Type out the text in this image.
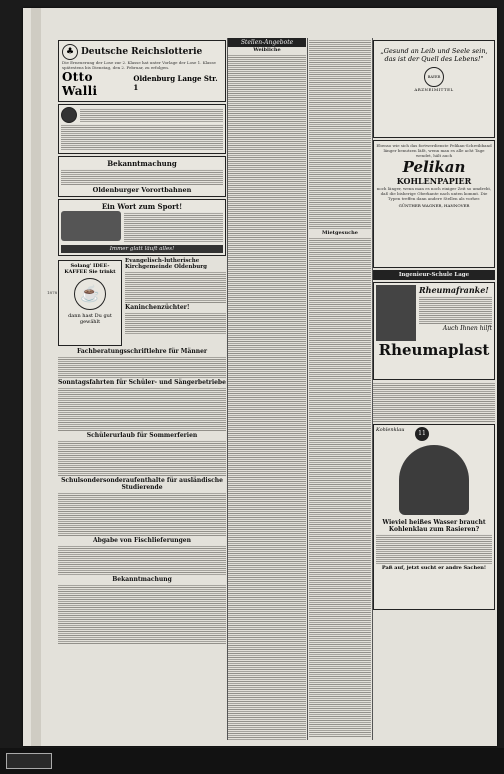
♣ Deutsche Reichslotterie
Die Erneuerung der Lose zur 2. Klasse hat unter Vorlage der Lose 1. Klasse spätestens bis Dienstag, den 2. Februar, zu erfolgen.
Otto Walli
Oldenburg Lange Str. 1
Bekanntmachung
Oldenburger Vorortbahnen
Ein Wort zum Sport!
Immer glatt läuft alles!
Solang' IDEE-KAFFEE Sie trinkt
☕
dann hast Du gut gewählt
Evangelisch-lutherische Kirchgemeinde Oldenburg
Kaninchenzüchter!
Fachberatungsschriftlehre für Männer
Sonntagsfahrten für Schüler- und Sängerbetriebe
Schülerurlaub für Sommerferien
Schulsondersonderaufenthalte für ausländische Studierende
Abgabe von Fischlieferungen
Bekanntmachung
1878
Stellen-Angebote
Weibliche
Mietgesuche
„Gesund an Leib und Seele sein, das ist der Quell des Lebens!"
BAYER
ARZNEIMITTEL
Ebenso wie sich das fortwerdienste Pelikan-Schreibband länger benutzen läßt, wenn man es alle acht Tage wendet, hält auch
Pelikan
KOHLENPAPIER
noch länger, wenn man es noch einiger Zeit so umdreht, daß die bisherige Oberkante nach unten kommt. Die Typen treffen dann andere Stellen als vorher.
GÜNTHER WAGNER, HANNOVER
Ingenieur-Schule Lage
Rheumafranke!
Auch Ihnen hilft
Rheumaplast
Kohlenklau	11
Wieviel heißes Wasser braucht Kohlenklau zum Rasieren?
Paß auf, jetzt sucht er andre Sachen!
